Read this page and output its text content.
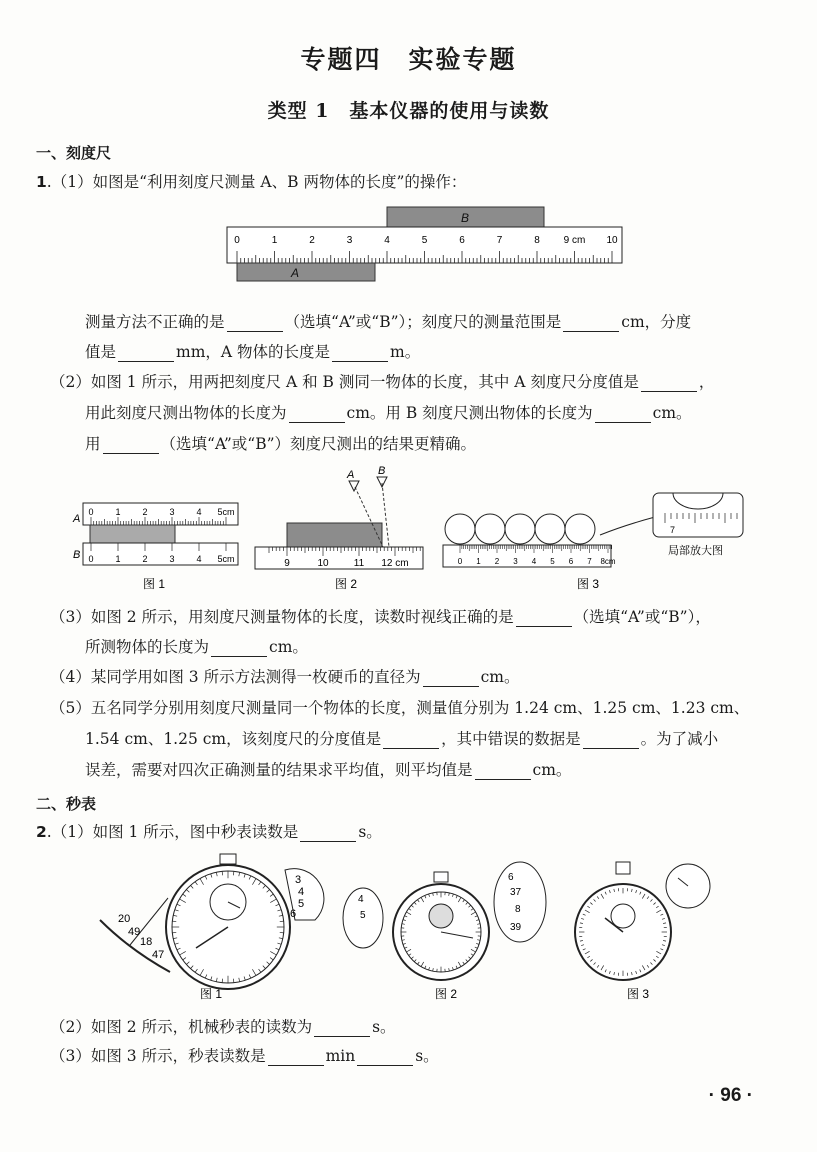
专题四　实验专题
类型 1　基本仪器的使用与读数
一、刻度尺
1.（1）如图是“利用刻度尺测量 A、B 两物体的长度”的操作：
B
0	1	2	3	4	5	6	7	8 9 cm 10
A
测量方法不正确的是	（选填“A”或“B”）；刻度尺的测量范围是	cm，分度
值是	mm，A 物体的长度是	m。
（2）如图 1 所示，用两把刻度尺 A 和 B 测同一物体的长度，其中 A 刻度尺分度值是	，
用此刻度尺测出物体的长度为	cm。用 B 刻度尺测出物体的长度为	cm。
用	（选填“A”或“B”）刻度尺测出的结果更精确。
A
B
0
0
1
1
2
2
3
3
4
4
5cm
5cm
图 1
A B
9	10	11 12 cm
图 2
0 1 2 3 4 5 6 7 8cm
7
局部放大图
图 3
（3）如图 2 所示，用刻度尺测量物体的长度，读数时视线正确的是	（选填“A”或“B”），
所测物体的长度为	cm。
（4）某同学用如图 3 所示方法测得一枚硬币的直径为	cm。
（5）五名同学分别用刻度尺测量同一个物体的长度，测量值分别为 1.24 cm、1.25 cm、1.23 cm、
1.54 cm、1.25 cm，该刻度尺的分度值是	，其中错误的数据是	。为了减小
误差，需要对四次正确测量的结果求平均值，则平均值是	cm。
二、秒表
2.（1）如图 1 所示，图中秒表读数是	s。
3
4
5
6
20
49
18
47
图 1
4
5
6
37
8
39
图 2	图 3
（2）如图 2 所示，机械秒表的读数为	s。
（3）如图 3 所示，秒表读数是	min	s。
· 96 ·
